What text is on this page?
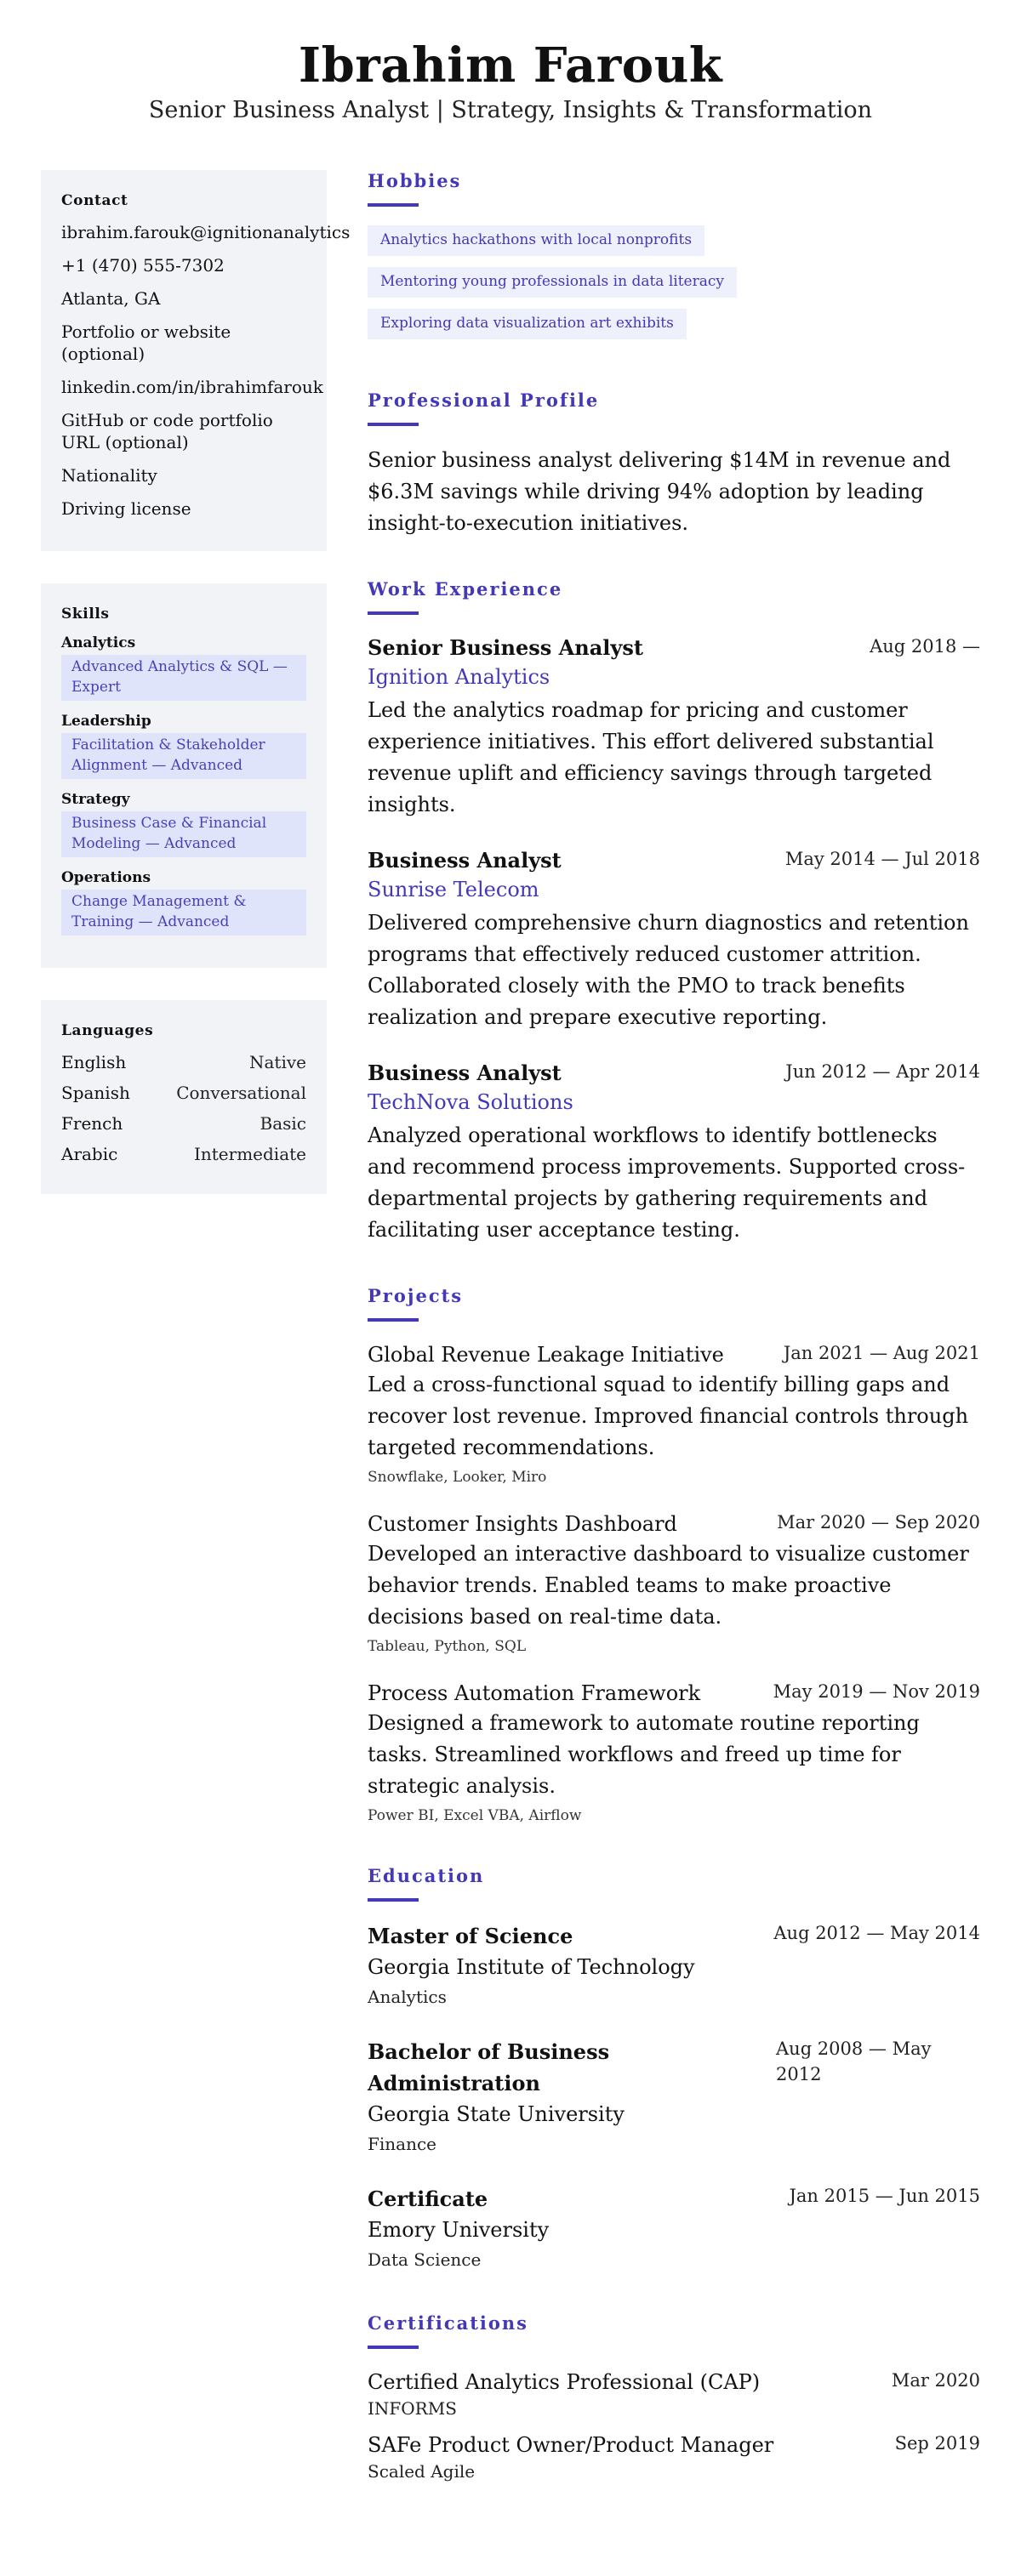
Ibrahim Farouk
Senior Business Analyst | Strategy, Insights & Transformation
Contact
ibrahim.farouk@ignitionanalytics
+1 (470) 555-7302
Atlanta, GA
Portfolio or website (optional)
linkedin.com/in/ibrahimfarouk
GitHub or code portfolio URL (optional)
Nationality
Driving license
Skills
Analytics
Advanced Analytics & SQL — Expert
Leadership
Facilitation & Stakeholder Alignment — Advanced
Strategy
Business Case & Financial Modeling — Advanced
Operations
Change Management & Training — Advanced
Languages
English	Native
Spanish	Conversational
French	Basic
Arabic	Intermediate
Hobbies
Analytics hackathons with local nonprofits
Mentoring young professionals in data literacy
Exploring data visualization art exhibits
Professional Profile

Senior business analyst delivering $14M in revenue and $6.3M savings while driving 94% adoption by leading insight-to-execution initiatives.

Work Experience
Senior Business Analyst	Aug 2018 —
Ignition Analytics

Led the analytics roadmap for pricing and customer experience initiatives. This effort delivered substantial revenue uplift and efficiency savings through targeted insights.

Business Analyst	May 2014 — Jul 2018
Sunrise Telecom

Delivered comprehensive churn diagnostics and retention programs that effectively reduced customer attrition. Collaborated closely with the PMO to track benefits realization and prepare executive reporting.

Business Analyst	Jun 2012 — Apr 2014
TechNova Solutions

Analyzed operational workflows to identify bottlenecks and recommend process improvements. Supported cross-departmental projects by gathering requirements and facilitating user acceptance testing.

Projects
Global Revenue Leakage Initiative	Jan 2021 — Aug 2021

Led a cross-functional squad to identify billing gaps and recover lost revenue. Improved financial controls through targeted recommendations.

Snowflake, Looker, Miro
Customer Insights Dashboard	Mar 2020 — Sep 2020

Developed an interactive dashboard to visualize customer behavior trends. Enabled teams to make proactive decisions based on real-time data.

Tableau, Python, SQL
Process Automation Framework	May 2019 — Nov 2019

Designed a framework to automate routine reporting tasks. Streamlined workflows and freed up time for strategic analysis.

Power BI, Excel VBA, Airflow
Education
Master of Science	Aug 2012 — May 2014
Georgia Institute of Technology
Analytics
Bachelor of Business Administration
Aug 2008 — May 2012
Georgia State University
Finance
Certificate	Jan 2015 — Jun 2015
Emory University
Data Science
Certifications
Certified Analytics Professional (CAP)	Mar 2020
INFORMS
SAFe Product Owner/Product Manager	Sep 2019
Scaled Agile
